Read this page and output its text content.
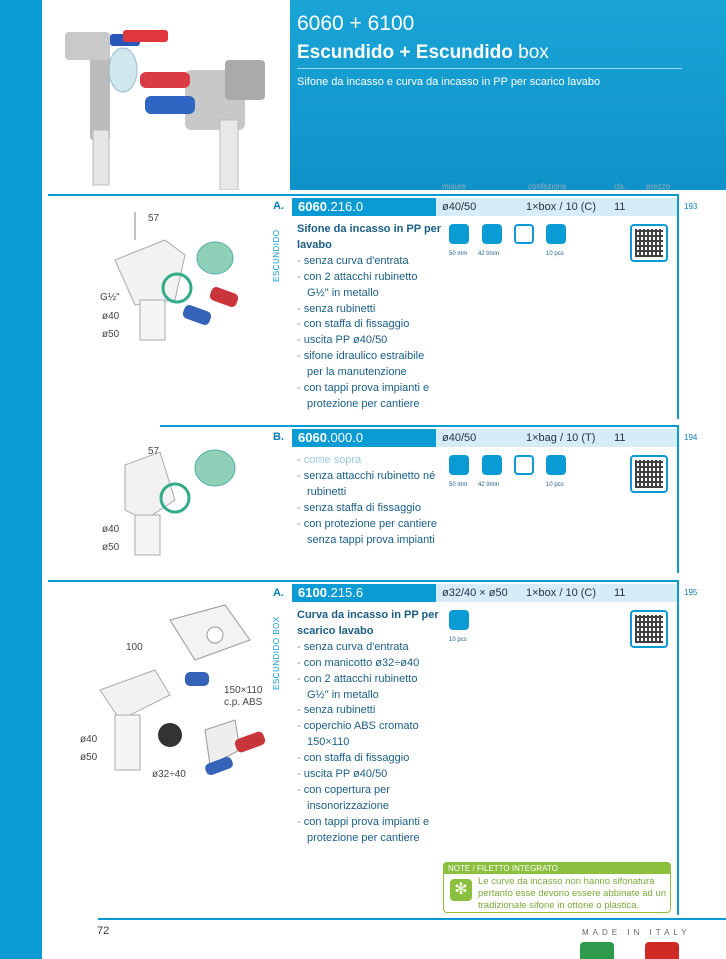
6060 + 6100
Escundido + Escundido box
Sifone da incasso e curva da incasso in PP per scarico lavabo
misure	confezione	cls.	prezzo
A.	6060.216.0	ø40/50	1×box / 10 (C) 11	193
ESCUNDIDO
Sifone da incasso in PP per lavabo
- senza curva d'entrata
- con 2 attacchi rubinetto G½" in metallo
- senza rubinetti
- con staffa di fissaggio
- uscita PP ø40/50
- sifone idraulico estraibile per la manutenzione
- con tappi prova impianti e protezione per cantiere
50 mm 42 l/min	10 pcs
57
G½"
ø40
ø50
B.	6060.000.0	ø40/50	1×bag / 10 (T) 11	194
- come sopra
- senza attacchi rubinetto né rubinetti
- senza staffa di fissaggio
- con protezione per cantiere senza tappi prova impianti
50 mm 42 l/min	10 pcs
57
ø40
ø50
A.	6100.215.6	ø32/40 × ø50 1×box / 10 (C) 11	195
ESCUNDIDO BOX
Curva da incasso in PP per scarico lavabo
- senza curva d'entrata
- con manicotto ø32÷ø40
- con 2 attacchi rubinetto G½" in metallo
- senza rubinetti
- coperchio ABS cromato 150×110
- con staffa di fissaggio
- uscita PP ø40/50
- con copertura per insonorizzazione
- con tappi prova impianti e protezione per cantiere
10 pcs
100
150×110
c.p. ABS
ø40
ø50
ø32÷40
NOTE / FILETTO INTEGRATO
✻	Le curve da incasso non hanno sifonatura pertanto esse devono essere abbinate ad un tradizionale sifone in ottone o plastica.
72	MADE IN ITALY
